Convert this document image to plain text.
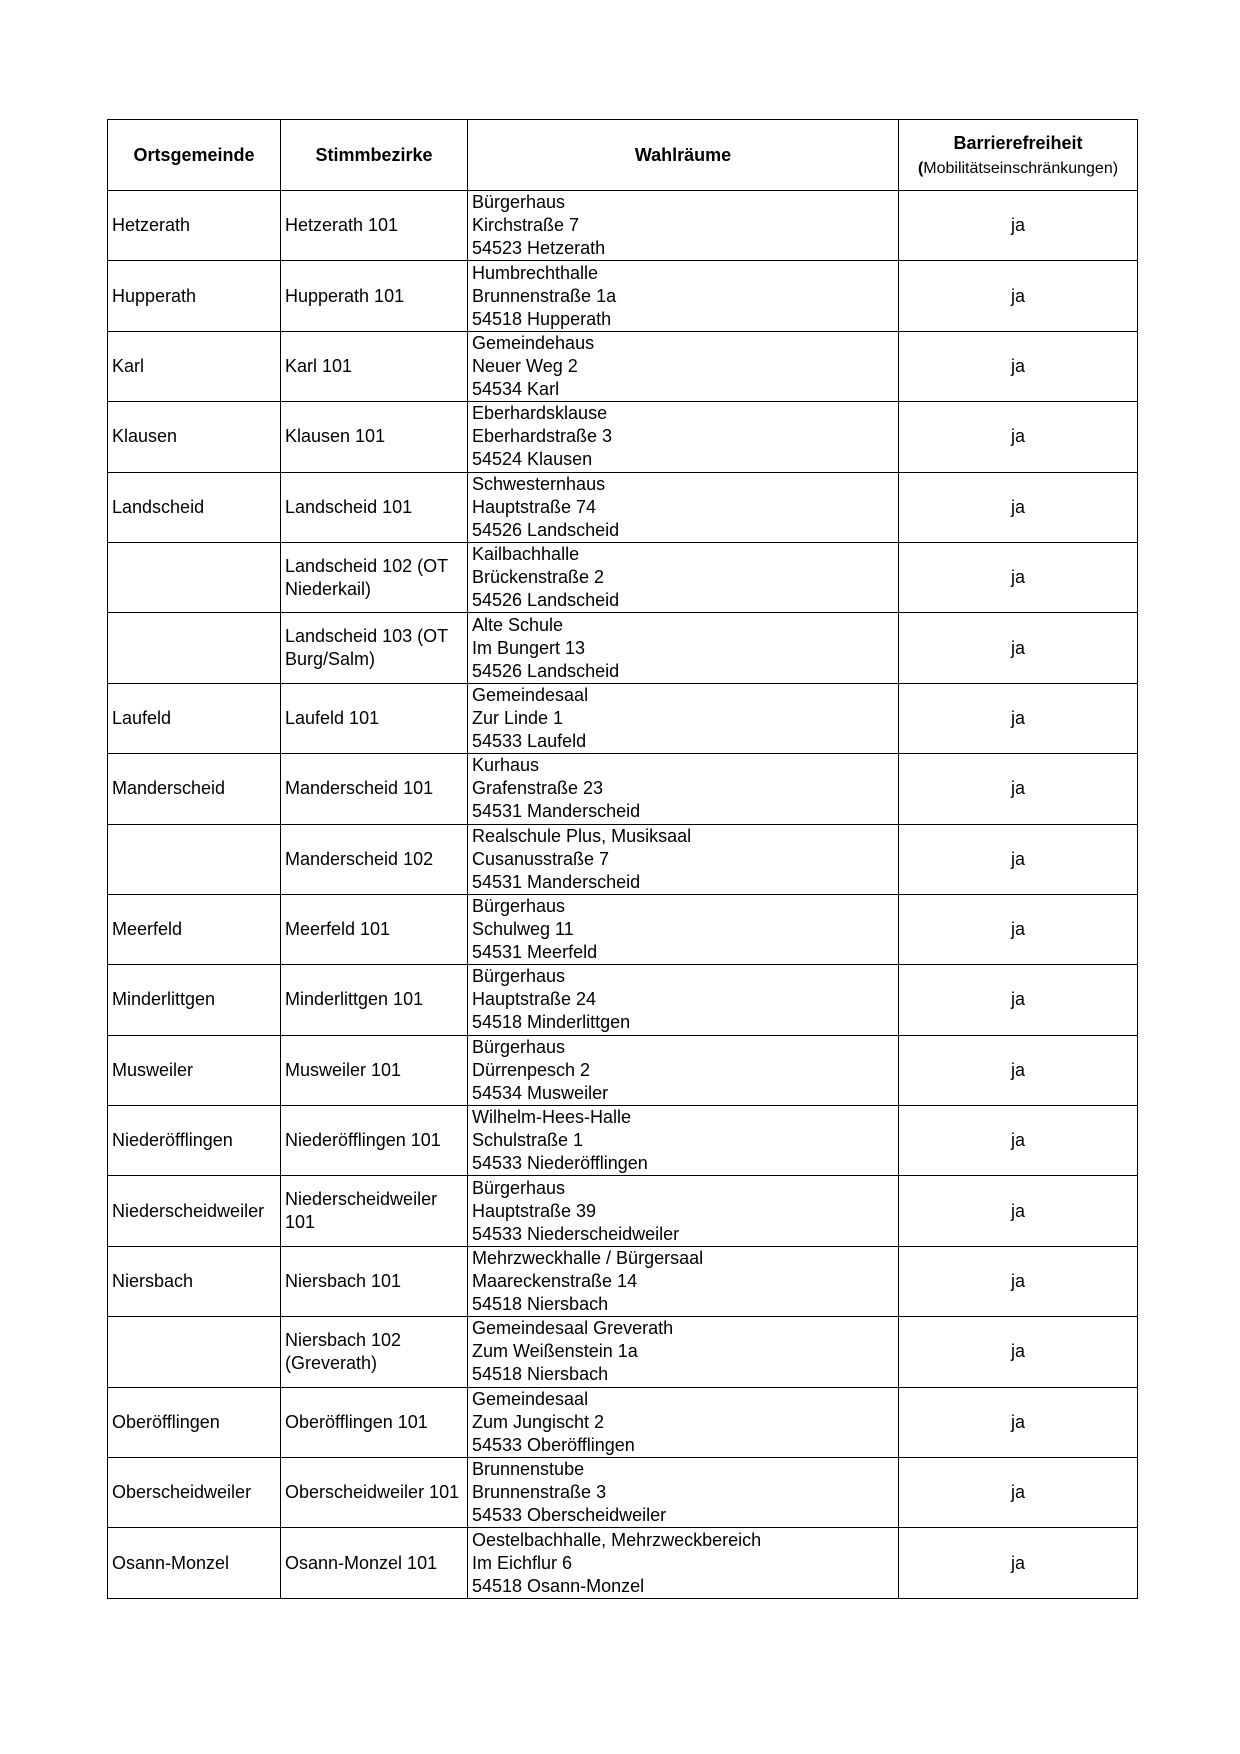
Ortsgemeinde	Stimmbezirke	Wahlräume	Barrierefreiheit
(Mobilitätseinschränkungen)

Hetzerath	Hetzerath 101	Bürgerhaus
Kirchstraße 7
54523 Hetzerath	ja
Hupperath	Hupperath 101	Humbrechthalle
Brunnenstraße 1a
54518 Hupperath	ja
Karl	Karl 101	Gemeindehaus
Neuer Weg 2
54534 Karl	ja
Klausen	Klausen 101	Eberhardsklause
Eberhardstraße 3
54524 Klausen	ja
Landscheid	Landscheid 101	Schwesternhaus
Hauptstraße 74
54526 Landscheid	ja
	Landscheid 102 (OT Niederkail)	Kailbachhalle
Brückenstraße 2
54526 Landscheid	ja
	Landscheid 103 (OT Burg/Salm)	Alte Schule
Im Bungert 13
54526 Landscheid	ja
Laufeld	Laufeld 101	Gemeindesaal
Zur Linde 1
54533 Laufeld	ja
Manderscheid	Manderscheid 101	Kurhaus
Grafenstraße 23
54531 Manderscheid	ja
	Manderscheid 102	Realschule Plus, Musiksaal
Cusanusstraße 7
54531 Manderscheid	ja
Meerfeld	Meerfeld 101	Bürgerhaus
Schulweg 11
54531 Meerfeld	ja
Minderlittgen	Minderlittgen 101	Bürgerhaus
Hauptstraße 24
54518 Minderlittgen	ja
Musweiler	Musweiler 101	Bürgerhaus
Dürrenpesch 2
54534 Musweiler	ja
Niederöfflingen	Niederöfflingen 101	Wilhelm-Hees-Halle
Schulstraße 1
54533 Niederöfflingen	ja
Niederscheidweiler	Niederscheidweiler 101	Bürgerhaus
Hauptstraße 39
54533 Niederscheidweiler	ja
Niersbach	Niersbach 101	Mehrzweckhalle / Bürgersaal
Maareckenstraße 14
54518 Niersbach	ja
	Niersbach 102 (Greverath)	Gemeindesaal Greverath
Zum Weißenstein 1a
54518 Niersbach	ja
Oberöfflingen	Oberöfflingen 101	Gemeindesaal
Zum Jungischt 2
54533 Oberöfflingen	ja
Oberscheidweiler	Oberscheidweiler 101	Brunnenstube
Brunnenstraße 3
54533 Oberscheidweiler	ja
Osann-Monzel	Osann-Monzel 101	Oestelbachhalle, Mehrzweckbereich
Im Eichflur 6
54518 Osann-Monzel	ja
